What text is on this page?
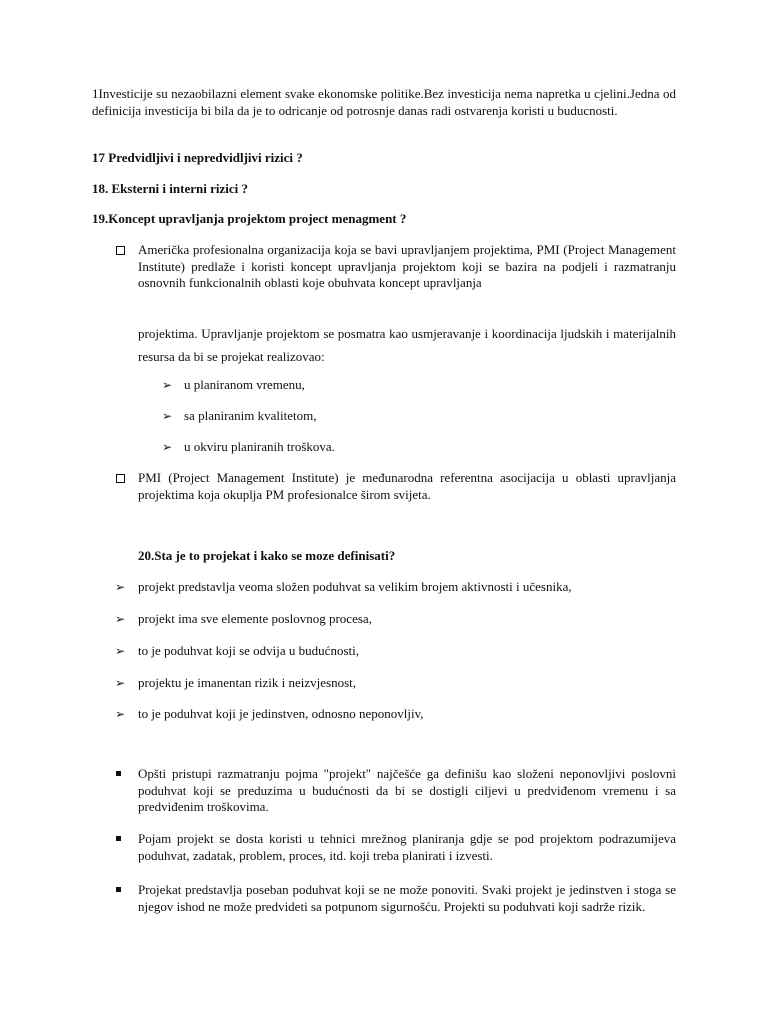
1Investicije su nezaobilazni element svake ekonomske politike.Bez investicija nema napretka u cjelini.Jedna od definicija investicija bi bila da je to odricanje od potrosnje danas radi ostvarenja koristi u buducnosti.

17 Predvidljivi i nepredvidljivi rizici ?

18. Eksterni i interni rizici ?

19.Koncept upravljanja projektom project menagment ?

Američka profesionalna organizacija koja se bavi upravljanjem projektima, PMI (Project Management Institute) predlaže i koristi koncept upravljanja projektom koji se bazira na podjeli i razmatranju osnovnih funkcionalnih oblasti koje obuhvata koncept upravljanja

projektima. Upravljanje projektom se posmatra kao usmjeravanje i koordinacija ljudskih i materijalnih resursa da bi se projekat realizovao:

➢ u planiranom vremenu,
➢ sa planiranim kvalitetom,
➢ u okviru planiranih troškova.

PMI (Project Management Institute) je međunarodna referentna asocijacija u oblasti upravljanja projektima koja okuplja PM profesionalce širom svijeta.

20.Sta je to projekat i kako se moze definisati?

➢ projekt predstavlja veoma složen poduhvat sa velikim brojem aktivnosti i učesnika,
➢ projekt ima sve elemente poslovnog procesa,
➢ to je poduhvat koji se odvija u budućnosti,
➢ projektu je imanentan rizik i neizvjesnost,
➢ to je poduhvat koji je jedinstven, odnosno neponovljiv,

Opšti pristupi razmatranju pojma "projekt" najčešće ga definišu kao složeni neponovljivi poslovni poduhvat koji se preduzima u budućnosti da bi se dostigli ciljevi u predviđenom vremenu i sa predviđenim troškovima.

Pojam projekt se dosta koristi u tehnici mrežnog planiranja gdje se pod projektom podrazumijeva poduhvat, zadatak, problem, proces, itd. koji treba planirati i izvesti.

Projekat predstavlja poseban poduhvat koji se ne može ponoviti. Svaki projekt je jedinstven i stoga se njegov ishod ne može predvideti sa potpunom sigurnošću. Projekti su poduhvati koji sadrže rizik.
